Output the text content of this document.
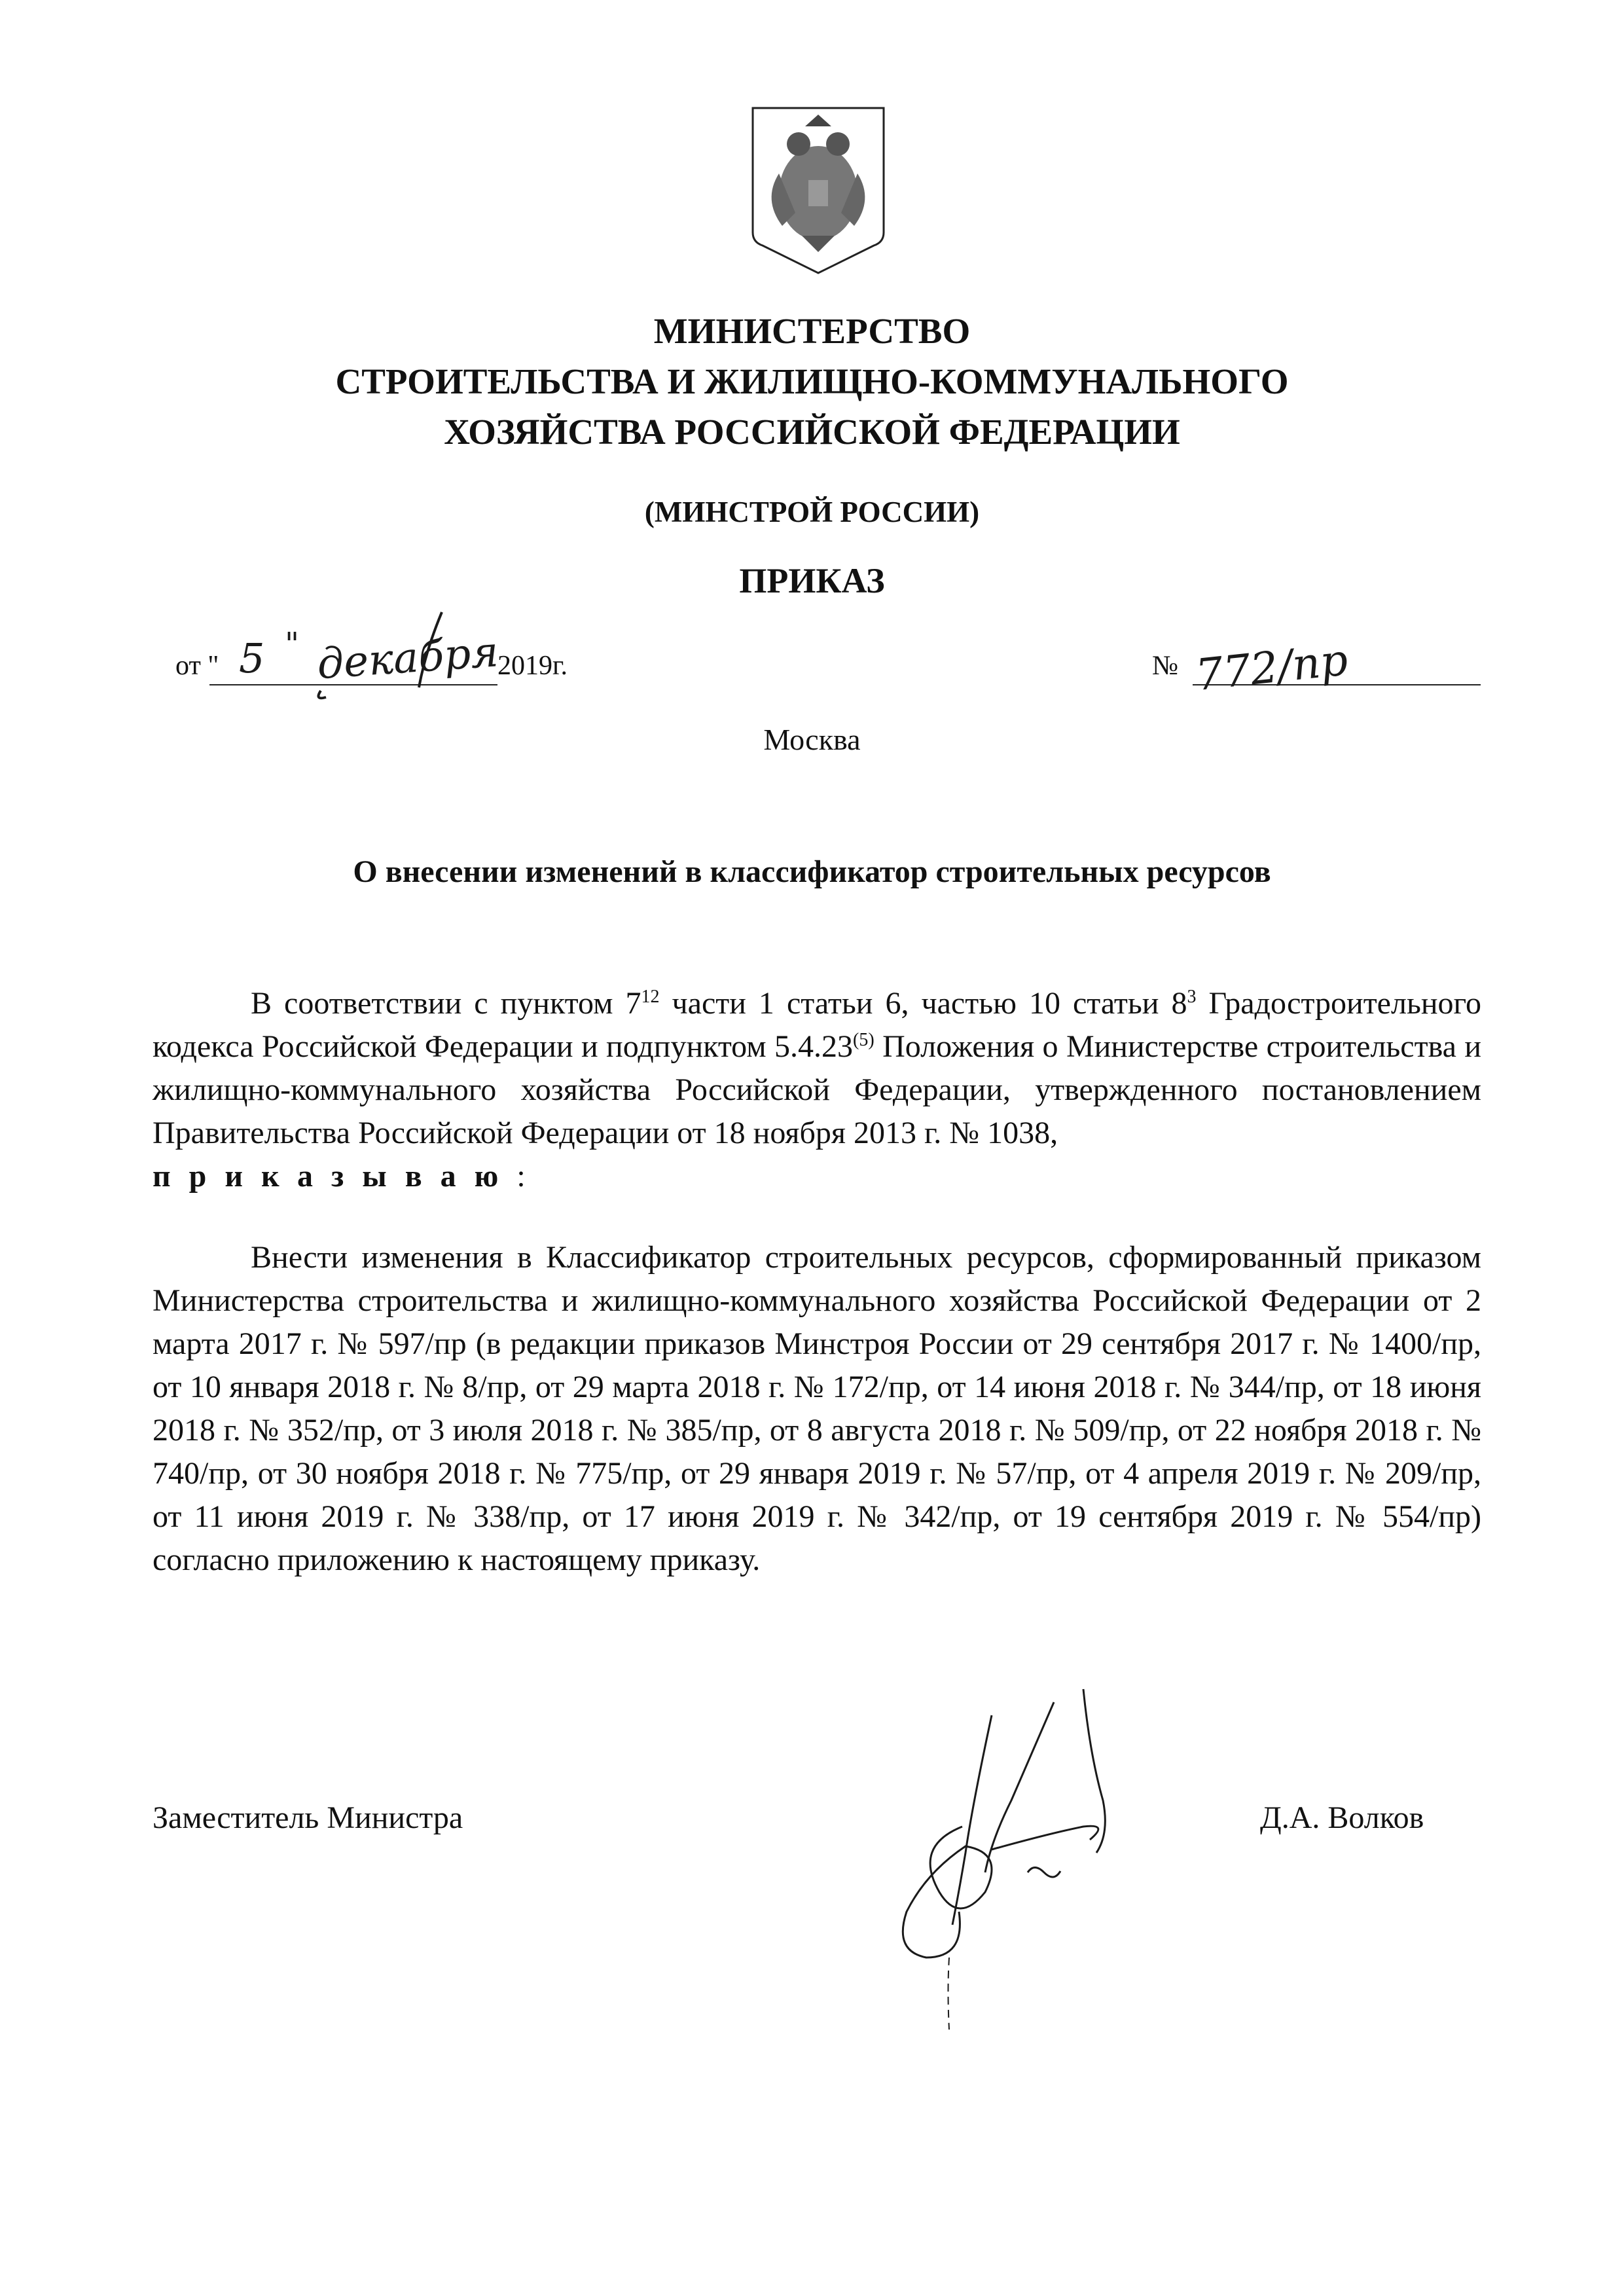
МИНИСТЕРСТВО
СТРОИТЕЛЬСТВА И ЖИЛИЩНО-КОММУНАЛЬНОГО
ХОЗЯЙСТВА РОССИЙСКОЙ ФЕДЕРАЦИИ
(МИНСТРОЙ РОССИИ)
ПРИКАЗ
от "	2019г.
5 " декабря	№ 772/пр
Москва
О внесении изменений в классификатор строительных ресурсов

В соответствии с пунктом $7^{12}$ части 1 статьи 6, частью 10 статьи $8^3$ Градостроительного кодекса Российской Федерации и подпунктом 5.4.23$^{(5)}$ Положения о Министерстве строительства и жилищно-коммунального хозяйства Российской Федерации, утвержденного постановлением Правительства Российской Федерации от 18 ноября 2013 г. № 1038,
приказываю:

Внести изменения в Классификатор строительных ресурсов, сформированный приказом Министерства строительства и жилищно-коммунального хозяйства Российской Федерации от 2 марта 2017 г. № 597/пр (в редакции приказов Минстроя России от 29 сентября 2017 г. № 1400/пр, от 10 января 2018 г. № 8/пр, от 29 марта 2018 г. № 172/пр, от 14 июня 2018 г. № 344/пр, от 18 июня 2018 г. № 352/пр, от 3 июля 2018 г. № 385/пр, от 8 августа 2018 г. № 509/пр, от 22 ноября 2018 г. № 740/пр, от 30 ноября 2018 г. № 775/пр, от 29 января 2019 г. № 57/пр, от 4 апреля 2019 г. № 209/пр, от 11 июня 2019 г. № 338/пр, от 17 июня 2019 г. № 342/пр, от 19 сентября 2019 г. № 554/пр) согласно приложению к настоящему приказу.

Заместитель Министра	Д.А. Волков
